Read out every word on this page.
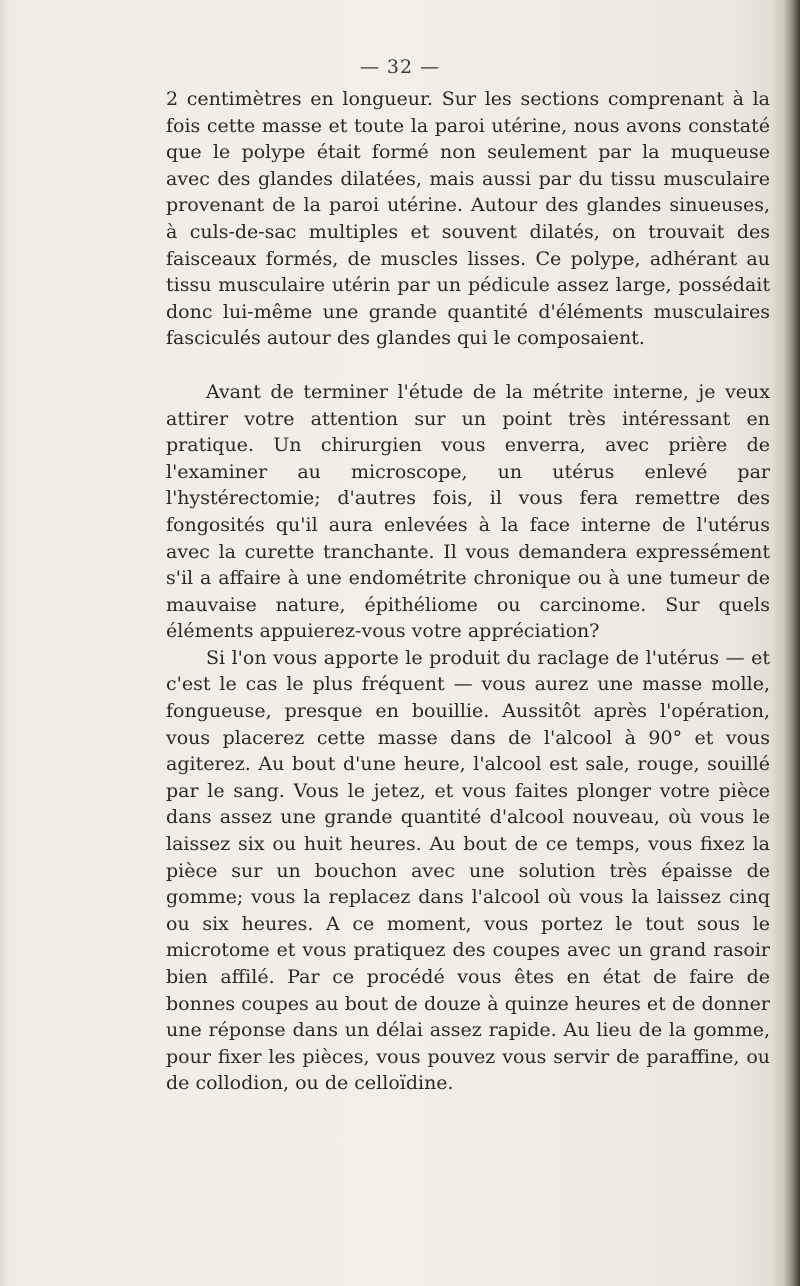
— 32 —

2 centimètres en longueur. Sur les sections comprenant à la fois cette masse et toute la paroi utérine, nous avons constaté que le polype était formé non seulement par la muqueuse avec des glandes dilatées, mais aussi par du tissu musculaire provenant de la paroi utérine. Autour des glandes sinueuses, à culs-de-sac multiples et souvent dilatés, on trouvait des faisceaux formés, de muscles lisses. Ce polype, adhérant au tissu musculaire utérin par un pédicule assez large, possédait donc lui-même une grande quantité d'éléments musculaires fasciculés autour des glandes qui le composaient.

Avant de terminer l'étude de la métrite interne, je veux attirer votre attention sur un point très intéressant en pratique. Un chirurgien vous enverra, avec prière de l'examiner au microscope, un utérus enlevé par l'hystérectomie; d'autres fois, il vous fera remettre des fongosités qu'il aura enlevées à la face interne de l'utérus avec la curette tranchante. Il vous demandera expressément s'il a affaire à une endométrite chronique ou à une tumeur de mauvaise nature, épithéliome ou carcinome. Sur quels éléments appuierez-vous votre appréciation?

Si l'on vous apporte le produit du raclage de l'utérus — et c'est le cas le plus fréquent — vous aurez une masse molle, fongueuse, presque en bouillie. Aussitôt après l'opération, vous placerez cette masse dans de l'alcool à 90° et vous agiterez. Au bout d'une heure, l'alcool est sale, rouge, souillé par le sang. Vous le jetez, et vous faites plonger votre pièce dans assez une grande quantité d'alcool nouveau, où vous le laissez six ou huit heures. Au bout de ce temps, vous fixez la pièce sur un bouchon avec une solution très épaisse de gomme; vous la replacez dans l'alcool où vous la laissez cinq ou six heures. A ce moment, vous portez le tout sous le microtome et vous pratiquez des coupes avec un grand rasoir bien affilé. Par ce procédé vous êtes en état de faire de bonnes coupes au bout de douze à quinze heures et de donner une réponse dans un délai assez rapide. Au lieu de la gomme, pour fixer les pièces, vous pouvez vous servir de paraffine, ou de collodion, ou de celloïdine.
